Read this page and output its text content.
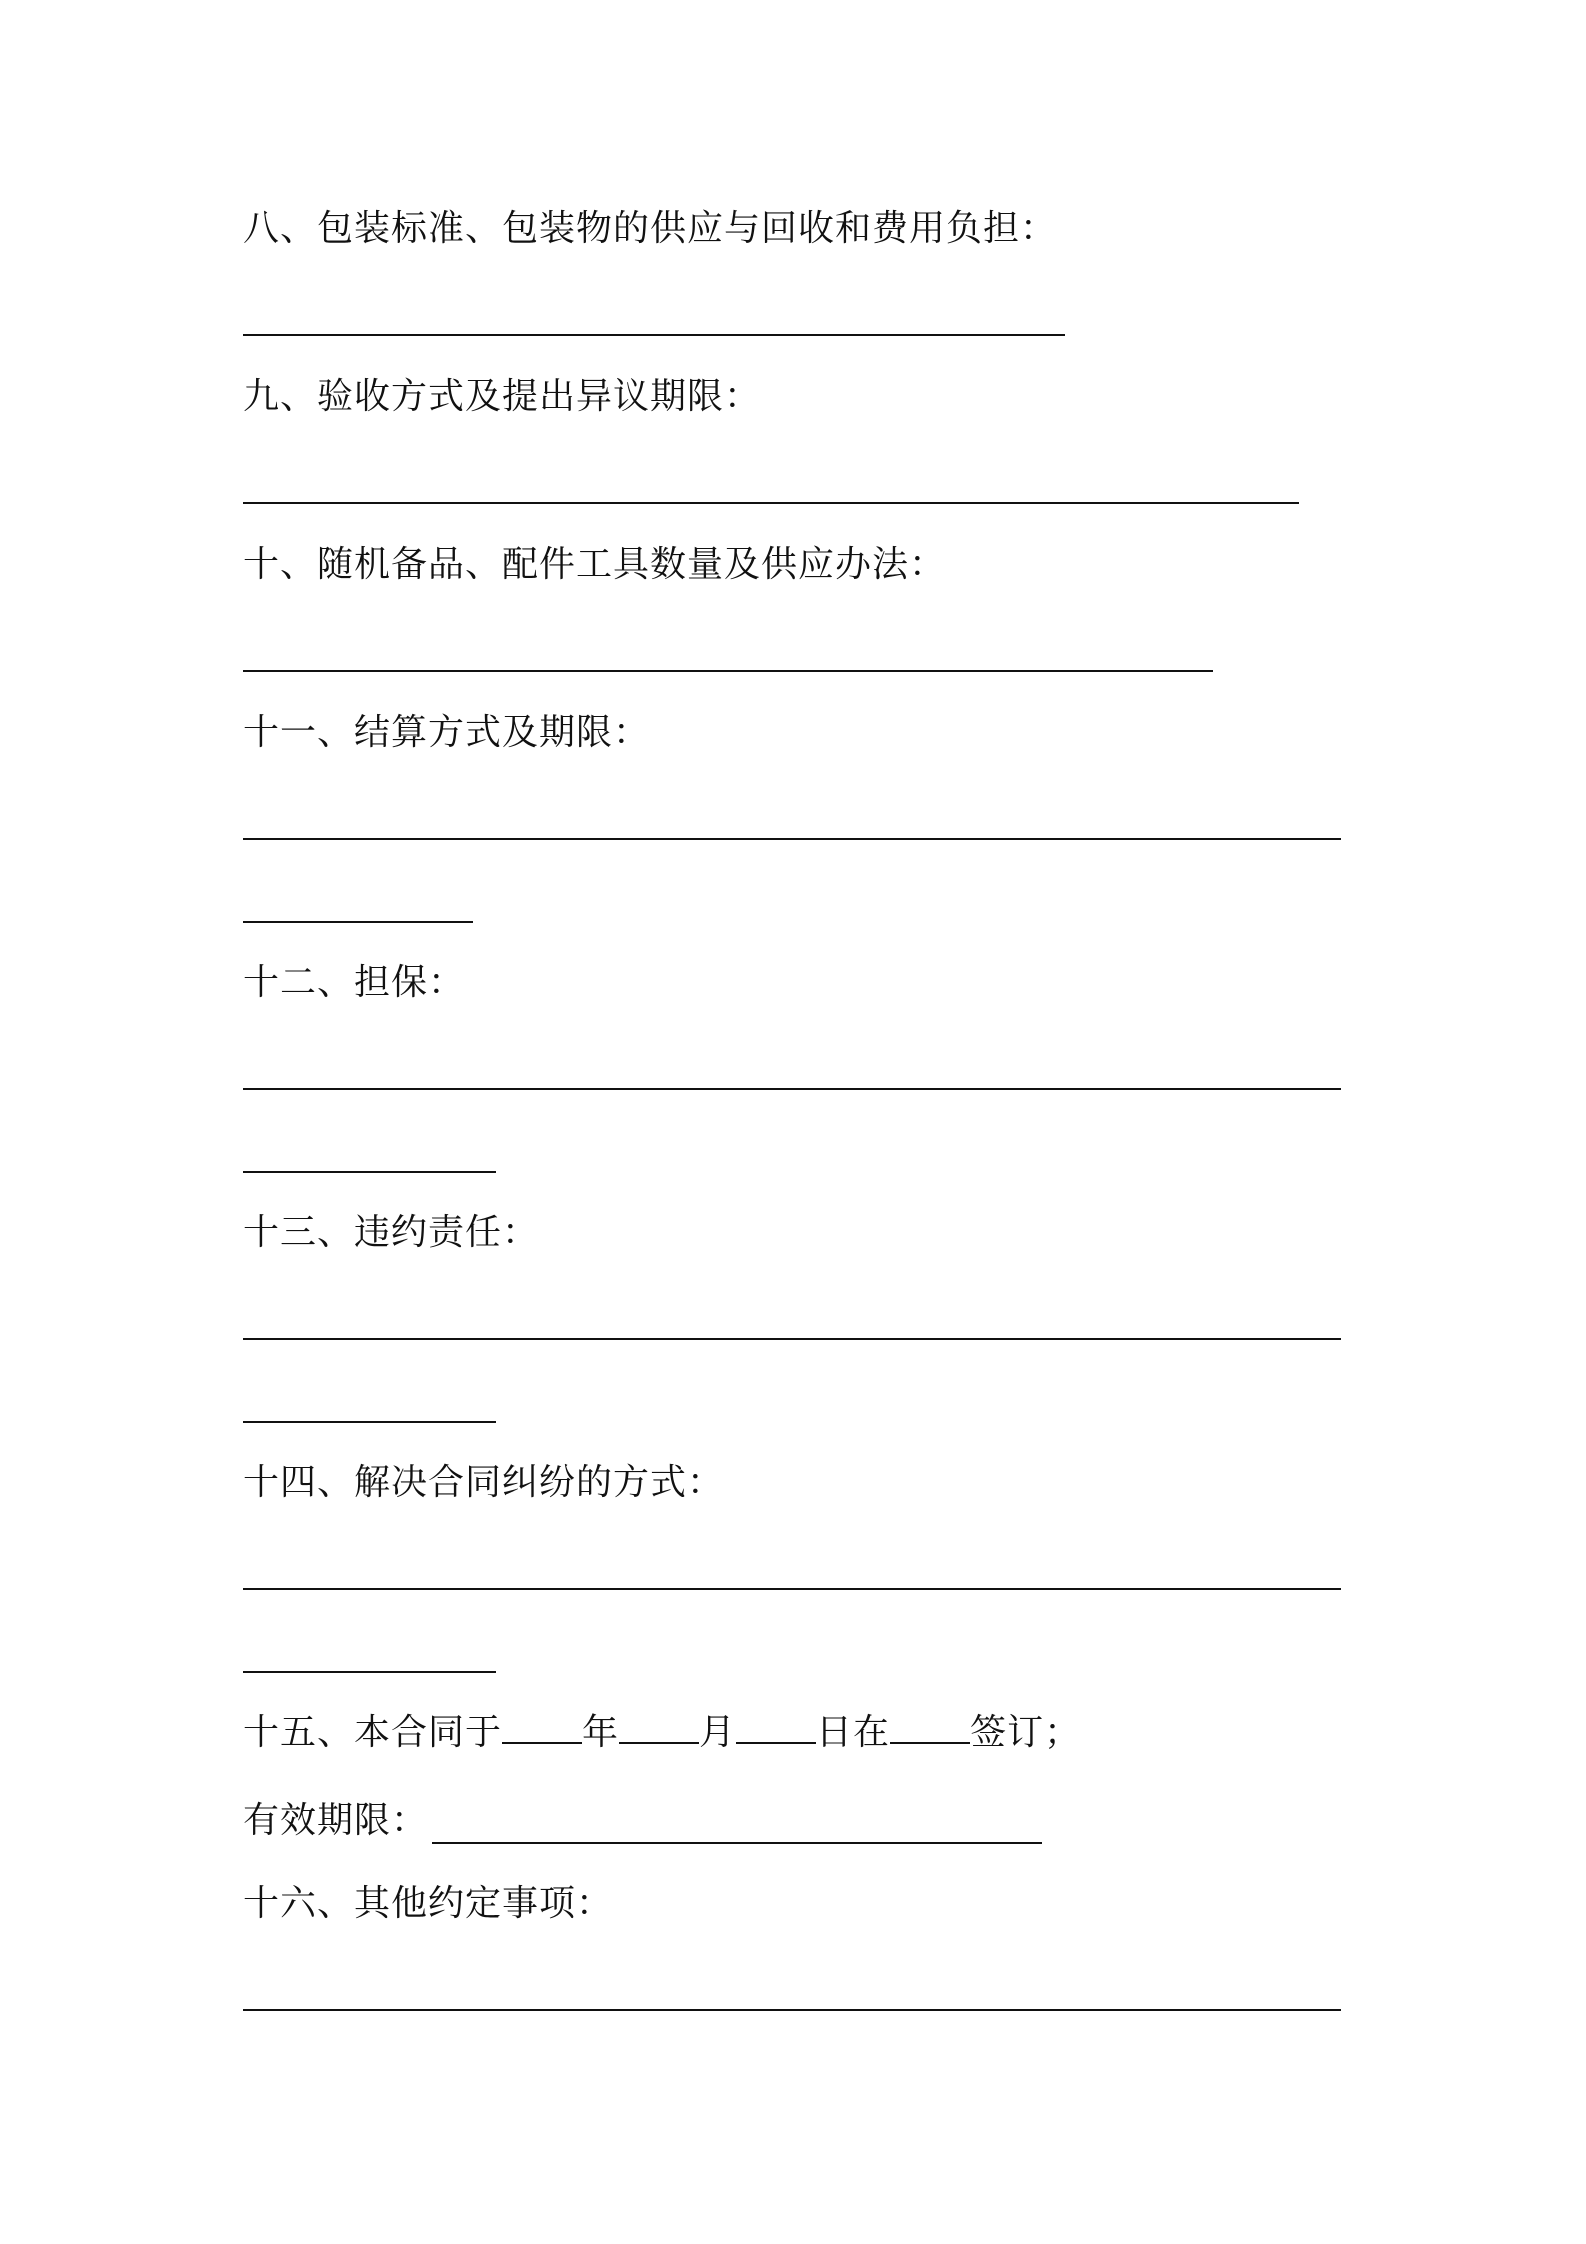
八、包装标准、包装物的供应与回收和费用负担：
九、验收方式及提出异议期限：
十、随机备品、配件工具数量及供应办法：
十一、结算方式及期限：
十二、担保：
十三、违约责任：
十四、解决合同纠纷的方式：
十五、本合同于 年 月 日在 签订；
有效期限：
十六、其他约定事项：
